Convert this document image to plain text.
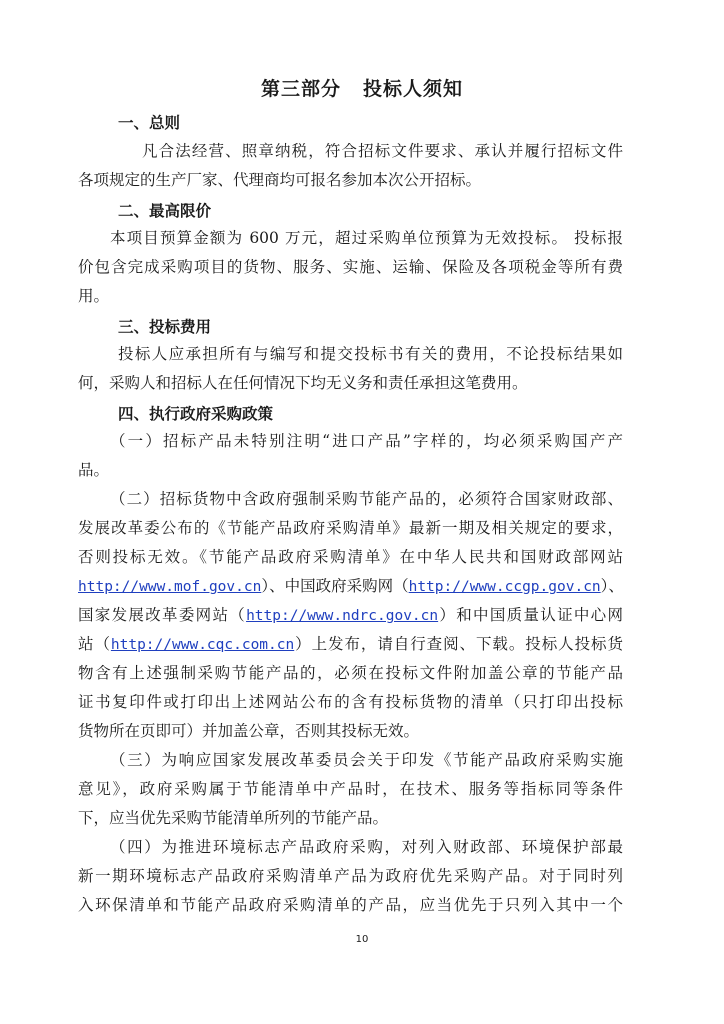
第三部分 投标人须知
一、总则
凡合法经营、照章纳税，符合招标文件要求、承认并履行招标文件
各项规定的生产厂家、代理商均可报名参加本次公开招标。
二、最高限价
本项目预算金额为 600 万元，超过采购单位预算为无效投标。 投标报
价包含完成采购项目的货物、服务、实施、运输、保险及各项税金等所有费
用。
三、投标费用
投标人应承担所有与编写和提交投标书有关的费用，不论投标结果如
何，采购人和招标人在任何情况下均无义务和责任承担这笔费用。
四、执行政府采购政策
（一）招标产品未特别注明“进口产品”字样的，均必须采购国产产
品。
（二）招标货物中含政府强制采购节能产品的，必须符合国家财政部、
发展改革委公布的《节能产品政府采购清单》最新一期及相关规定的要求，
否则投标无效。《节能产品政府采购清单》在中华人民共和国财政部网站
http://www.mof.gov.cn）、中国政府采购网（http://www.ccgp.gov.cn）、
国家发展改革委网站（http://www.ndrc.gov.cn）和中国质量认证中心网
站（http://www.cqc.com.cn）上发布，请自行查阅、下载。投标人投标货
物含有上述强制采购节能产品的，必须在投标文件附加盖公章的节能产品
证书复印件或打印出上述网站公布的含有投标货物的清单（只打印出投标
货物所在页即可）并加盖公章，否则其投标无效。
（三）为响应国家发展改革委员会关于印发《节能产品政府采购实施
意见》，政府采购属于节能清单中产品时，在技术、服务等指标同等条件
下，应当优先采购节能清单所列的节能产品。
（四）为推进环境标志产品政府采购，对列入财政部、环境保护部最
新一期环境标志产品政府采购清单产品为政府优先采购产品。对于同时列
入环保清单和节能产品政府采购清单的产品，应当优先于只列入其中一个
10
